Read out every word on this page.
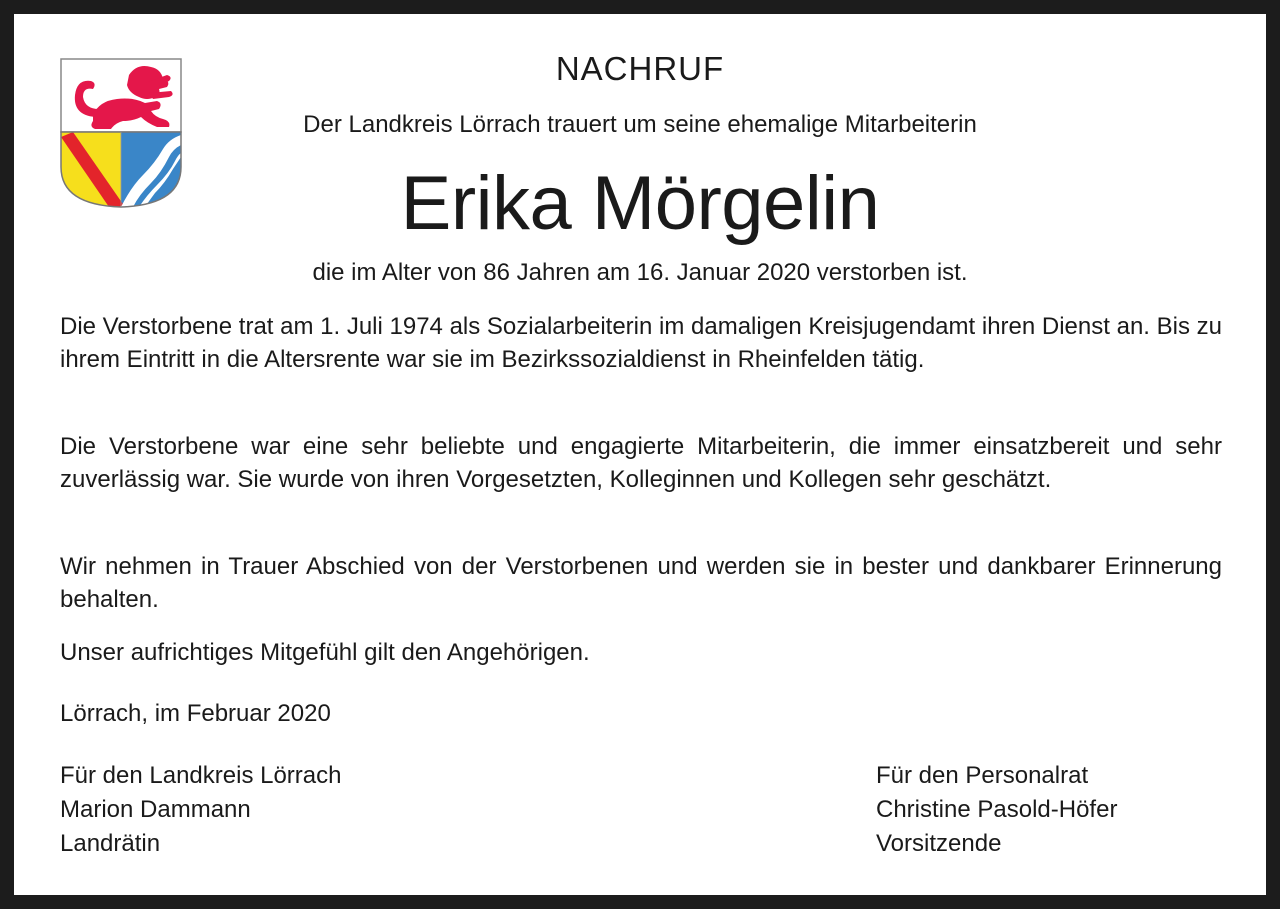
NACHRUF
Der Landkreis Lörrach trauert um seine ehemalige Mitarbeiterin
Erika Mörgelin
die im Alter von 86 Jahren am 16. Januar 2020 verstorben ist.
Die Verstorbene trat am 1. Juli 1974 als Sozialarbeiterin im damaligen Kreisjugendamt ihren Dienst an. Bis zu ihrem Eintritt in die Altersrente war sie im Bezirkssozialdienst in Rheinfelden tätig.
Die Verstorbene war eine sehr beliebte und engagierte Mitarbeiterin, die immer einsatzbereit und sehr zuverlässig war. Sie wurde von ihren Vorgesetzten, Kolleginnen und Kollegen sehr geschätzt.
Wir nehmen in Trauer Abschied von der Verstorbenen und werden sie in bester und dankbarer Erinnerung behalten.
Unser aufrichtiges Mitgefühl gilt den Angehörigen.
Lörrach, im Februar 2020
Für den Landkreis Lörrach
Marion Dammann
Landrätin
Für den Personalrat
Christine Pasold-Höfer
Vorsitzende
